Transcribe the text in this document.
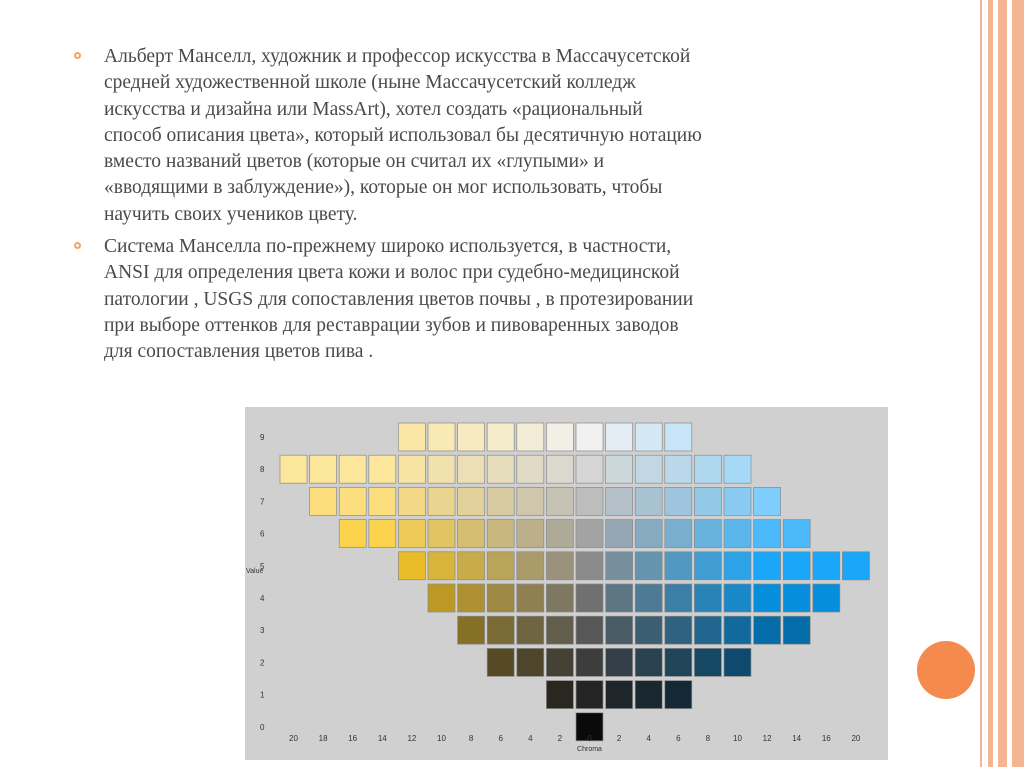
Альберт Манселл, художник и профессор искусства в Массачусетской
средней художественной школе (ныне Массачусетский колледж
искусства и дизайна или MassArt), хотел создать «рациональный
способ описания цвета», который использовал бы десятичную нотацию
вместо названий цветов (которые он считал их «глупыми» и
«вводящими в заблуждение»), которые он мог использовать, чтобы
научить своих учеников цвету.
Система Манселла по-прежнему широко используется, в частности,
ANSI для определения цвета кожи и волос при судебно-медицинской
патологии , USGS для сопоставления цветов почвы , в протезировании
при выборе оттенков для реставрации зубов и пивоваренных заводов
для сопоставления цветов пива .
9
8
7
6
5
4
3
2
1
0
Value
20	18	16	14	12	10	8	6	4	2	0	2	4	6	8	10	12	14	16	20
Chroma
